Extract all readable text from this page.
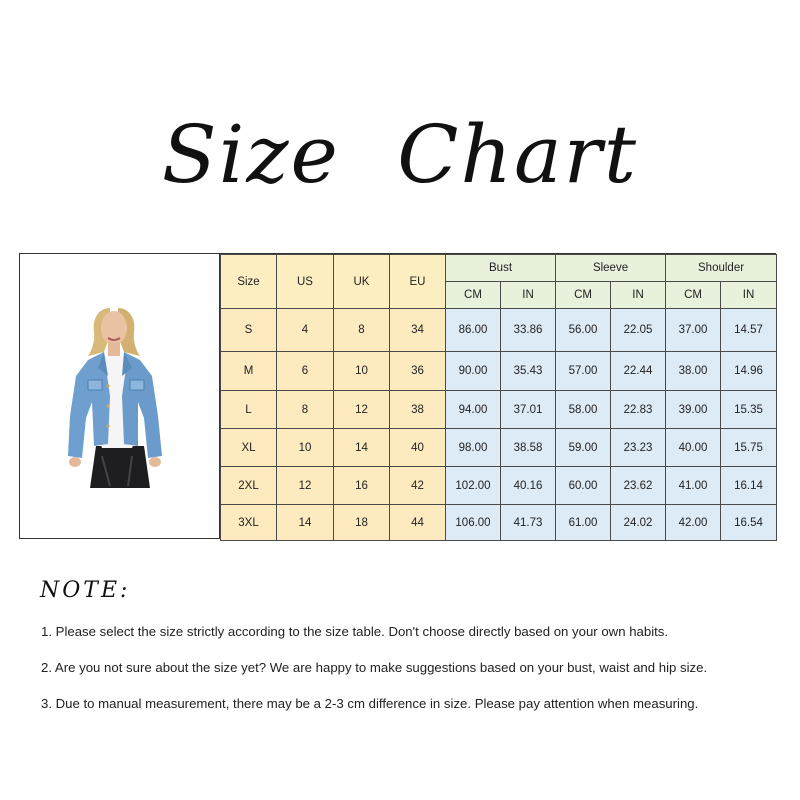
Size Chart
Size	US	UK	EU	Bust		Sleeve		Shoulder	
				CM	IN	CM	IN	CM	IN
S	4	8	34	86.00	33.86	56.00	22.05	37.00	14.57
M	6	10	36	90.00	35.43	57.00	22.44	38.00	14.96
L	8	12	38	94.00	37.01	58.00	22.83	39.00	15.35
XL	10	14	40	98.00	38.58	59.00	23.23	40.00	15.75
2XL	12	16	42	102.00	40.16	60.00	23.62	41.00	16.14
3XL	14	18	44	106.00	41.73	61.00	24.02	42.00	16.54
NOTE:

1. Please select the size strictly according to the size table. Don't choose directly based on your own habits.

2. Are you not sure about the size yet? We are happy to make suggestions based on your bust, waist and hip size.

3. Due to manual measurement, there may be a 2-3 cm difference in size. Please pay attention when measuring.
